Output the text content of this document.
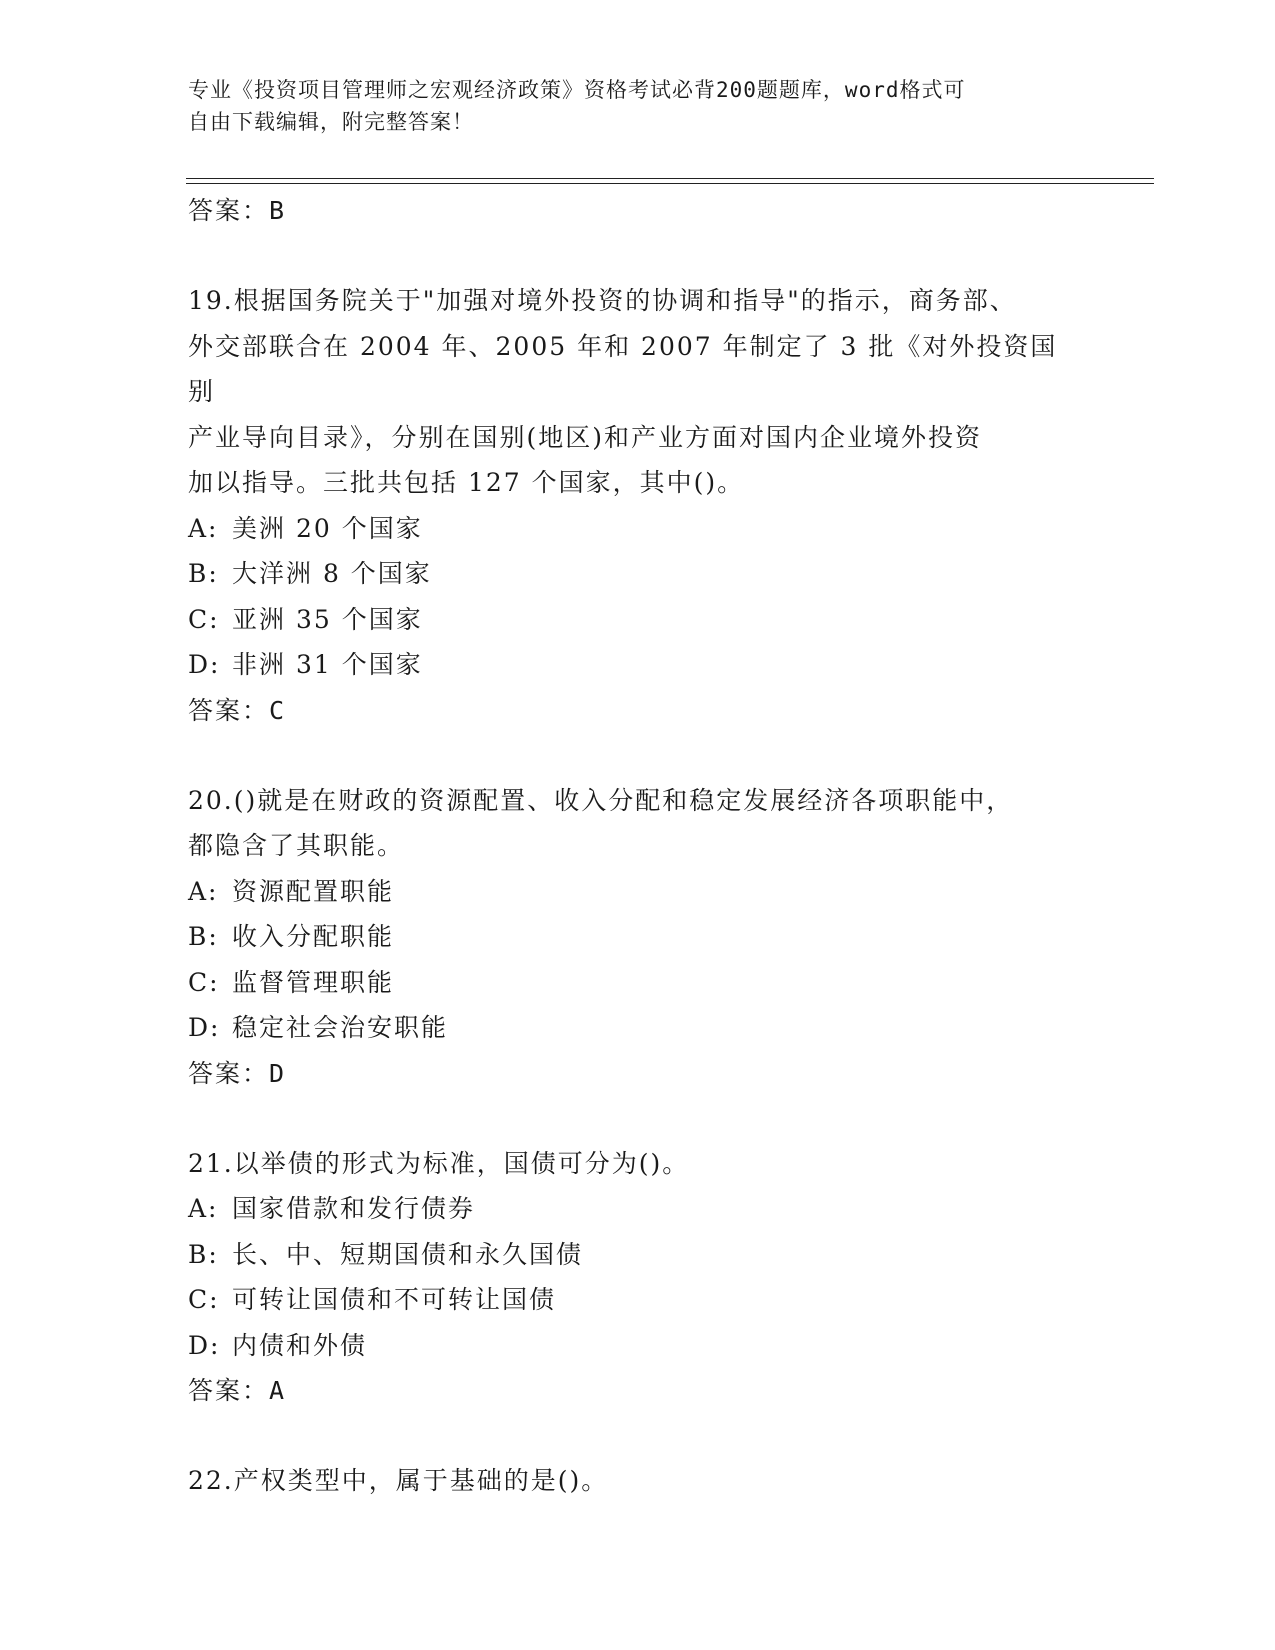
专业《投资项目管理师之宏观经济政策》资格考试必背200题题库，word格式可
自由下载编辑，附完整答案！
答案：B
19.根据国务院关于"加强对境外投资的协调和指导"的指示，商务部、
外交部联合在 2004 年、2005 年和 2007 年制定了 3 批《对外投资国别
产业导向目录》，分别在国别(地区)和产业方面对国内企业境外投资
加以指导。三批共包括 127 个国家，其中()。
A: 美洲 20 个国家
B: 大洋洲 8 个国家
C: 亚洲 35 个国家
D: 非洲 31 个国家
答案：C
20.()就是在财政的资源配置、收入分配和稳定发展经济各项职能中，
都隐含了其职能。
A: 资源配置职能
B: 收入分配职能
C: 监督管理职能
D: 稳定社会治安职能
答案：D
21.以举债的形式为标准，国债可分为()。
A: 国家借款和发行债券
B: 长、中、短期国债和永久国债
C: 可转让国债和不可转让国债
D: 内债和外债
答案：A
22.产权类型中，属于基础的是()。
